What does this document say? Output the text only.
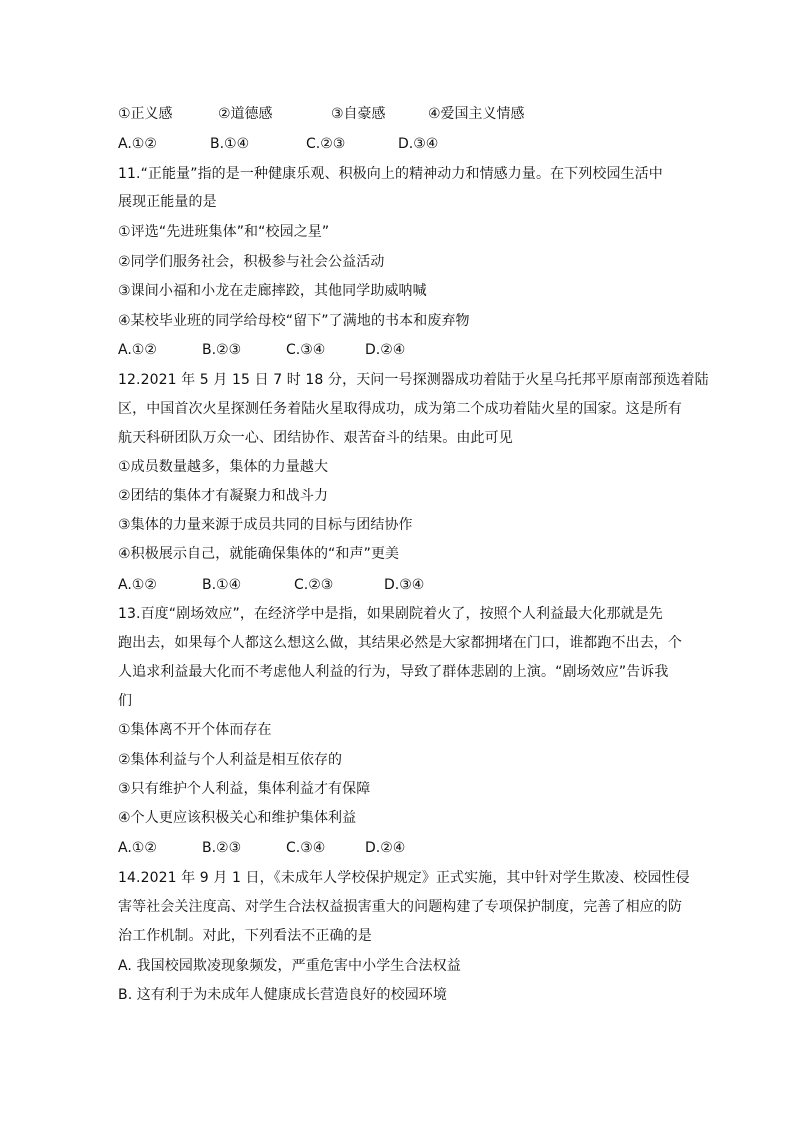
①正义感	②道德感	③自豪感	④爱国主义情感
A.①②	B.①④	C.②③	D.③④
11.“正能量”指的是一种健康乐观、积极向上的精神动力和情感力量。在下列校园生活中
展现正能量的是
①评选“先进班集体”和“校园之星”
②同学们服务社会，积极参与社会公益活动
③课间小福和小龙在走廊摔跤，其他同学助威呐喊
④某校毕业班的同学给母校“留下”了满地的书本和废弃物
A.①②	B.②③	C.③④	D.②④
12.2021 年 5 月 15 日 7 时 18 分，天问一号探测器成功着陆于火星乌托邦平原南部预选着陆
区，中国首次火星探测任务着陆火星取得成功，成为第二个成功着陆火星的国家。这是所有
航天科研团队万众一心、团结协作、艰苦奋斗的结果。由此可见
①成员数量越多，集体的力量越大
②团结的集体才有凝聚力和战斗力
③集体的力量来源于成员共同的目标与团结协作
④积极展示自己，就能确保集体的“和声”更美
A.①②	B.①④	C.②③	D.③④
13.百度“剧场效应”，在经济学中是指，如果剧院着火了，按照个人利益最大化那就是先
跑出去，如果每个人都这么想这么做，其结果必然是大家都拥堵在门口，谁都跑不出去，个
人追求利益最大化而不考虑他人利益的行为，导致了群体悲剧的上演。“剧场效应”告诉我
们
①集体离不开个体而存在
②集体利益与个人利益是相互依存的
③只有维护个人利益，集体利益才有保障
④个人更应该积极关心和维护集体利益
A.①②	B.②③	C.③④	D.②④
14.2021 年 9 月 1 日，《未成年人学校保护规定》正式实施，其中针对学生欺凌、校园性侵
害等社会关注度高、对学生合法权益损害重大的问题构建了专项保护制度，完善了相应的防
治工作机制。对此，下列看法不正确的是
A. 我国校园欺凌现象频发，严重危害中小学生合法权益
B. 这有利于为未成年人健康成长营造良好的校园环境
